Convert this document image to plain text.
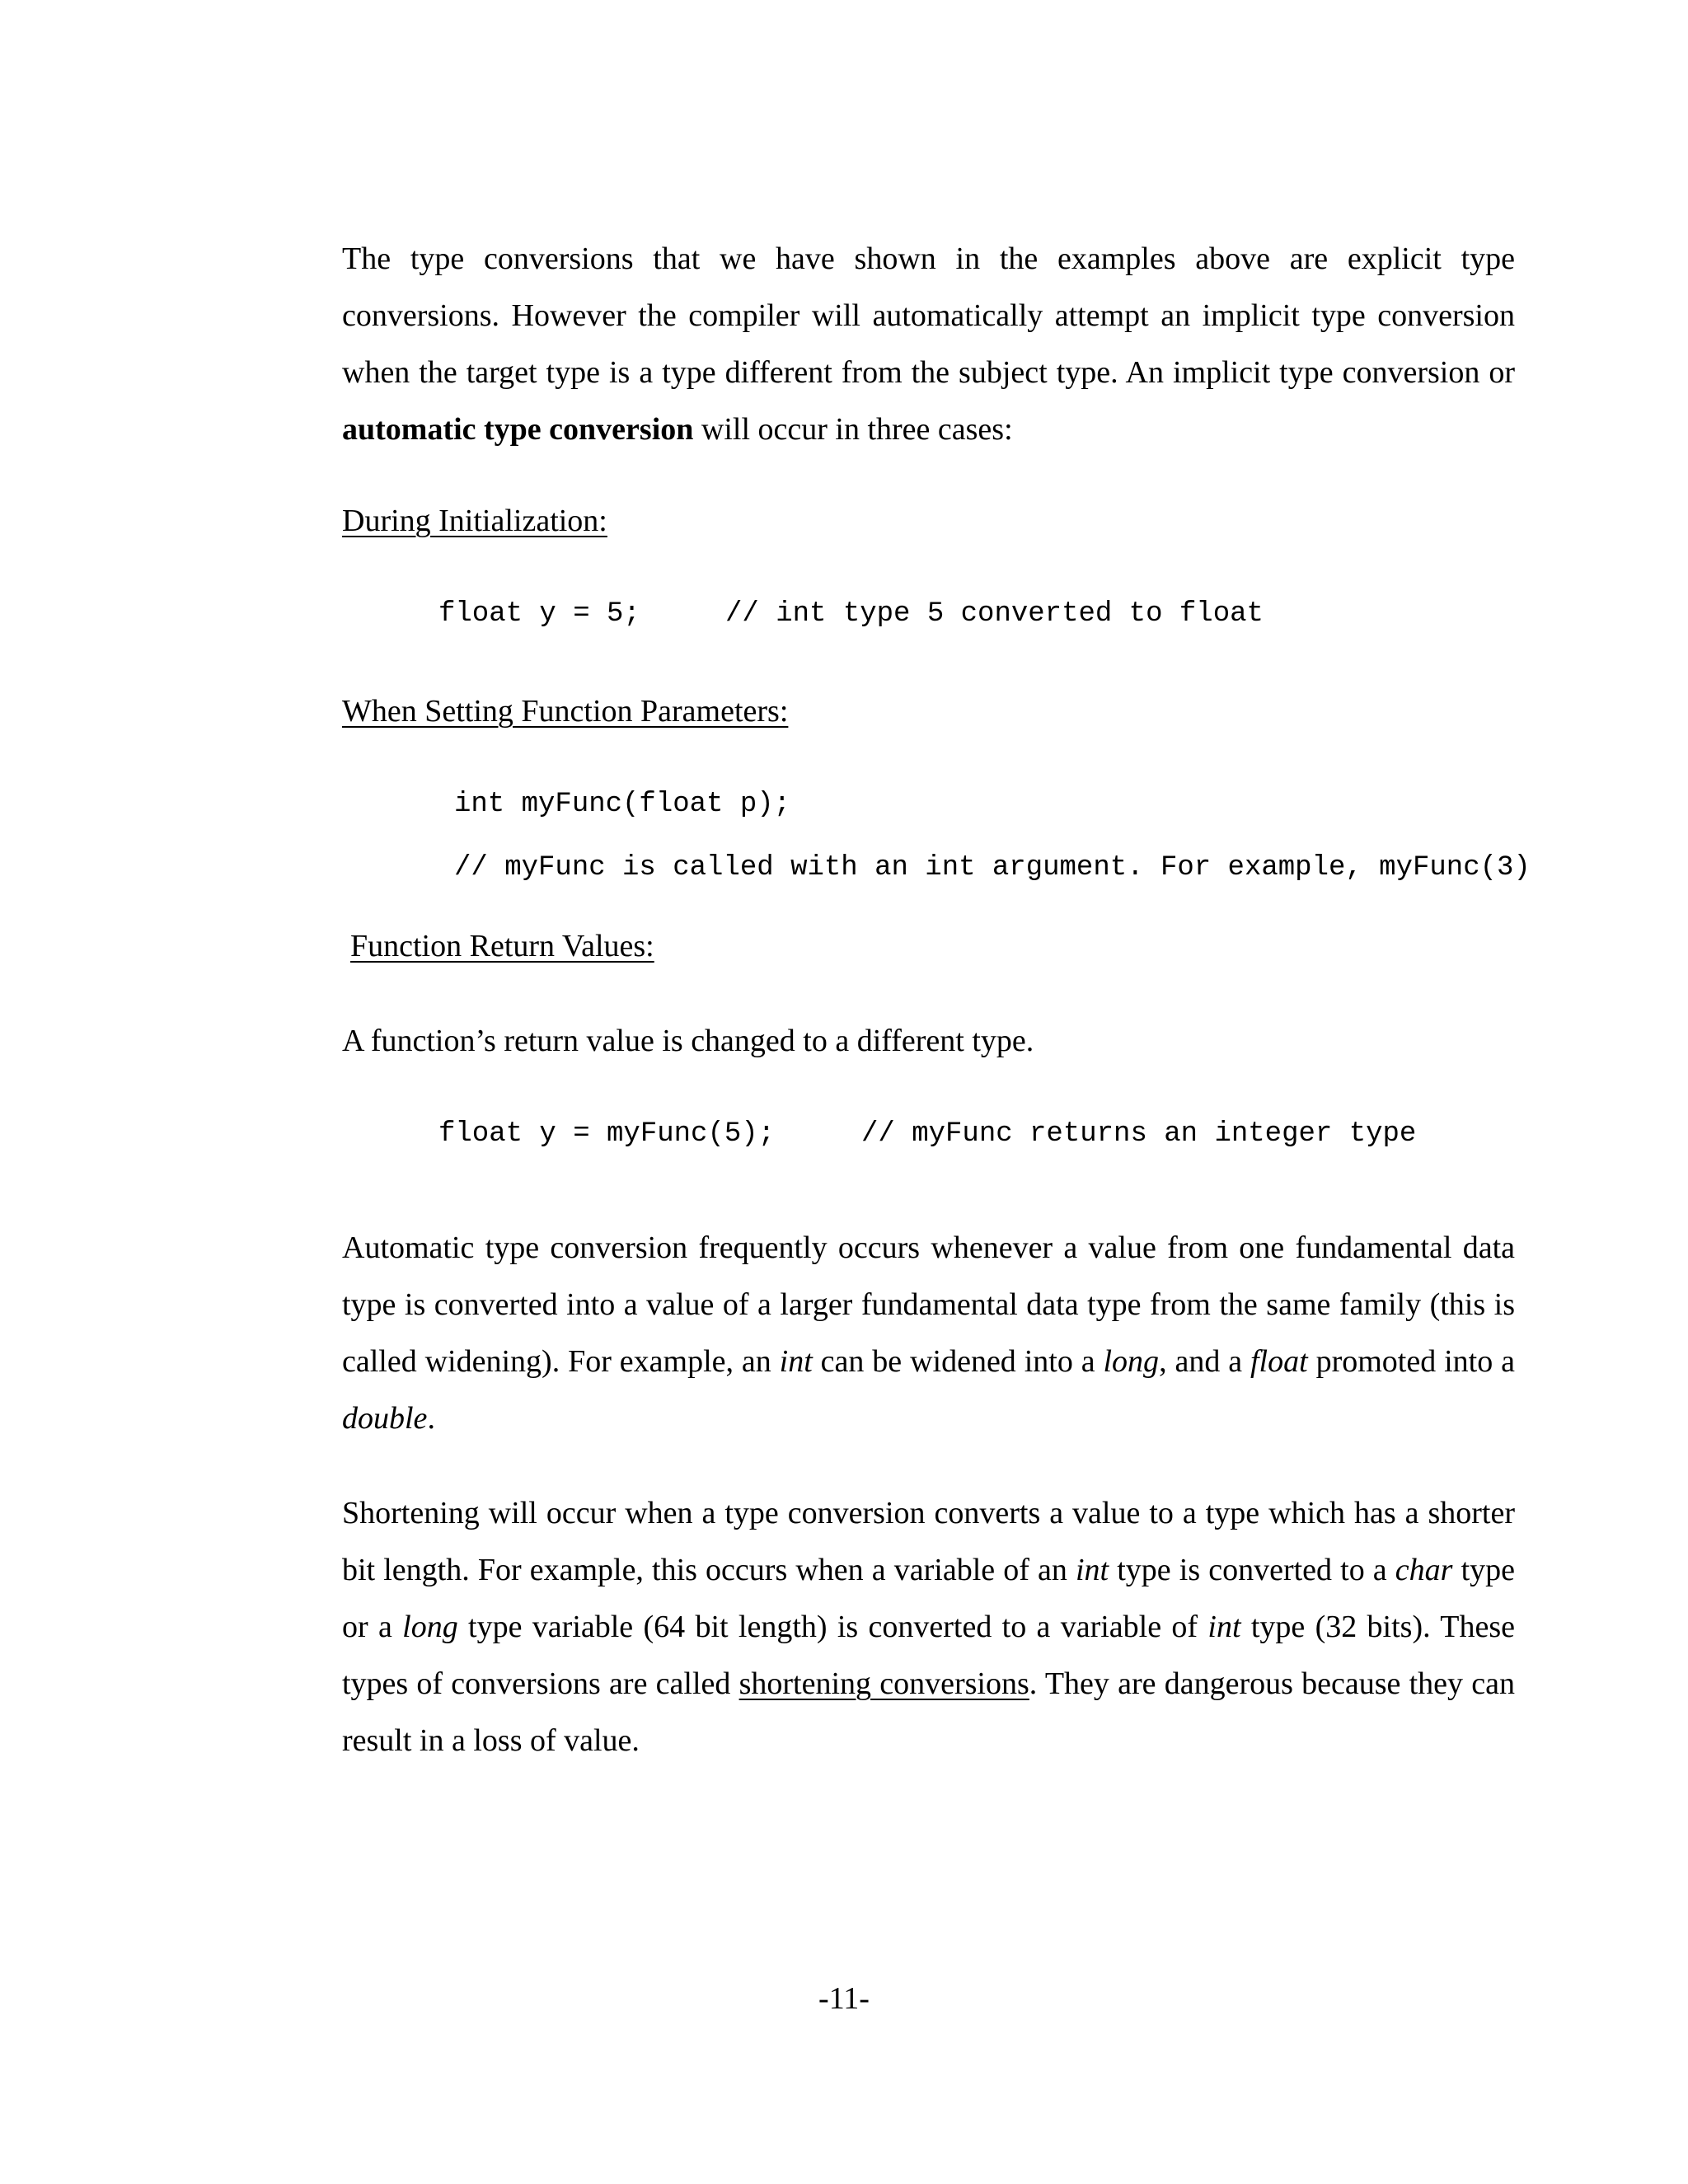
The type conversions that we have shown in the examples above are explicit type conversions. However the compiler will automatically attempt an implicit type conversion when the target type is a type different from the subject type. An implicit type conversion or automatic type conversion will occur in three cases:

During Initialization:

float y = 5;	// int type 5 converted to float

When Setting Function Parameters:

int myFunc(float p);

// myFunc is called with an int argument. For example, myFunc(3)

Function Return Values:

A function’s return value is changed to a different type.

float y = myFunc(5);	// myFunc returns an integer type

Automatic type conversion frequently occurs whenever a value from one fundamental data type is converted into a value of a larger fundamental data type from the same family (this is called widening). For example, an int can be widened into a long, and a float promoted into a double.

Shortening will occur when a type conversion converts a value to a type which has a shorter bit length. For example, this occurs when a variable of an int type is converted to a char type or a long type variable (64 bit length) is converted to a variable of int type (32 bits). These types of conversions are called shortening conversions. They are dangerous because they can result in a loss of value.

-11-
